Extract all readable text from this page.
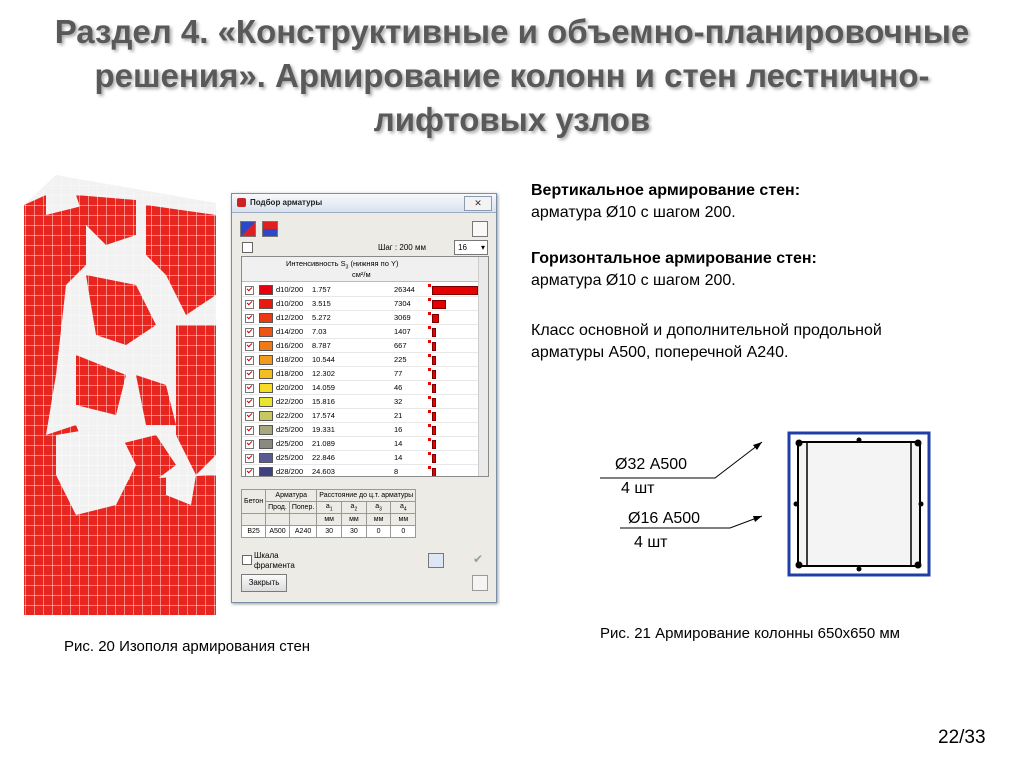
Раздел 4. «Конструктивные и объемно-планировочные решения». Армирование колонн и стен лестнично-лифтовых узлов
Подбор арматуры	✕
Шаг : 200 мм	16 ▾
Интенсивность $S_3$ (нижняя по Y)
см²/м
d10/200 1.757	26344
d10/200 3.515	7304
d12/200 5.272	3069
d14/200 7.03	1407
d16/200 8.787	667
d18/200 10.544	225
d18/200 12.302	77
d20/200 14.059	46
d22/200 15.816	32
d22/200 17.574	21
d25/200 19.331	16
d25/200 21.089	14
d25/200 22.846	14
d28/200 24.603	8
Бетон	Арматура		Расстояние до ц.т. арматуры			
	Прод.	Попер.	$a_1$	$a_2$	$a_3$	$a_4$
			мм	мм	мм	мм
B25	A500	A240	30	30	0	0
Шкала
фрагмента	✔
Закрыть
Вертикальное армирование стен:
арматура Ø10 с шагом 200.
Горизонтальное армирование стен:
арматура Ø10 с шагом 200.
Класс основной и дополнительной продольной
арматуры А500, поперечной А240.
Ø32 А500
4 шт
Ø16 А500
4 шт
Рис. 20 Изополя армирования стен
Рис. 21 Армирование колонны 650х650 мм
22/33
